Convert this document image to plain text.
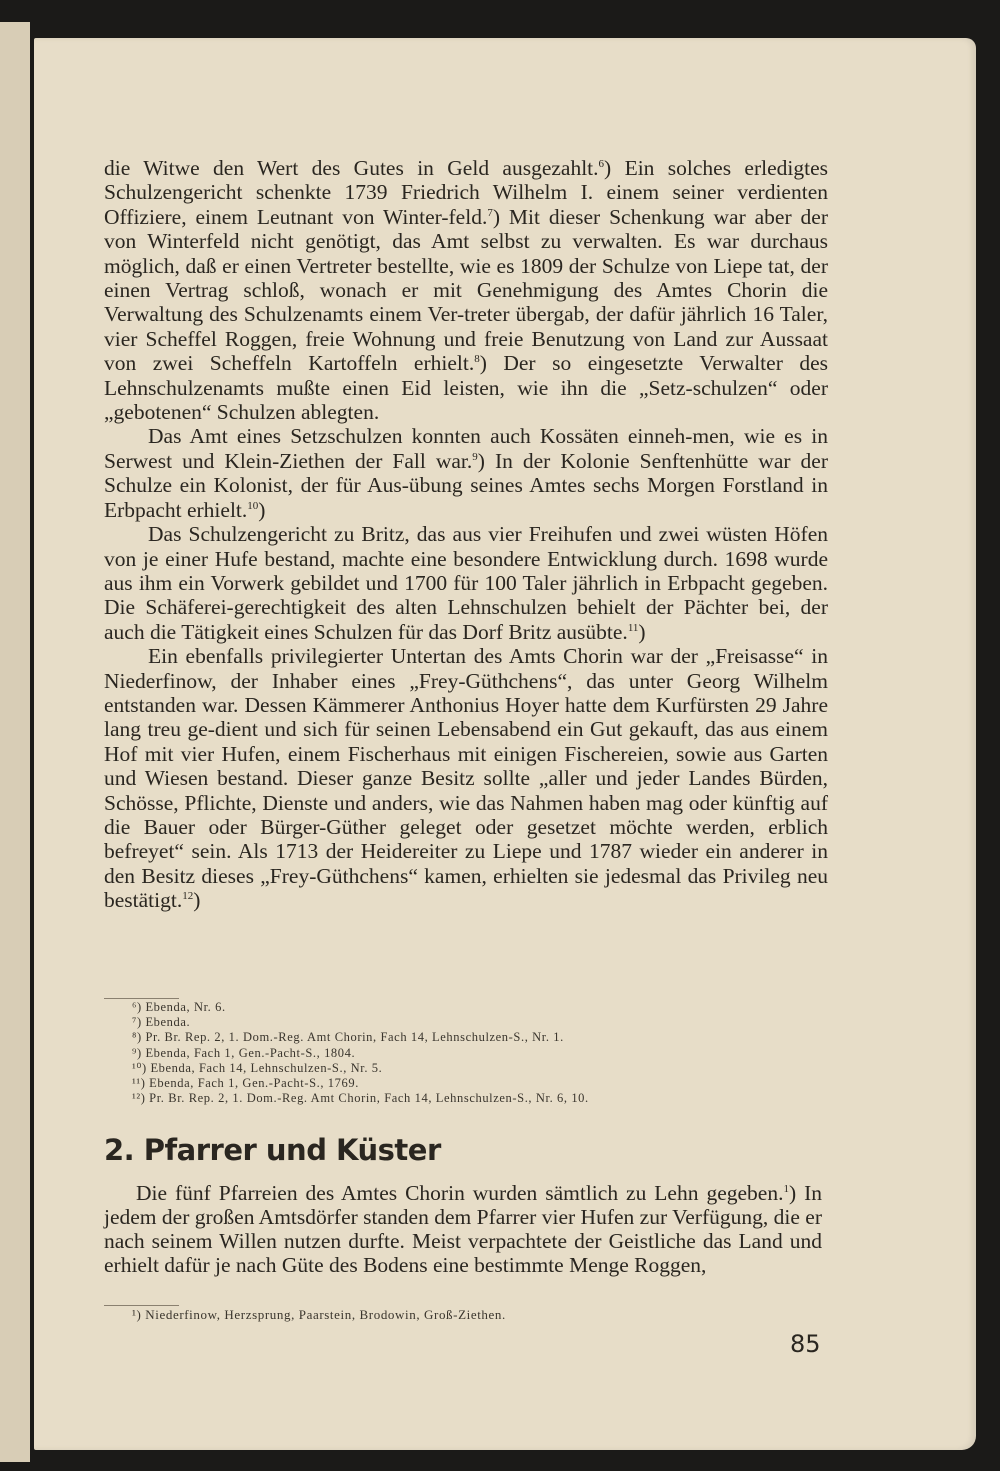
die Witwe den Wert des Gutes in Geld ausgezahlt.$^6$) Ein solches erledigtes Schulzengericht schenkte 1739 Friedrich Wilhelm I. einem seiner verdienten Offiziere, einem Leutnant von Winter-feld.$^7$) Mit dieser Schenkung war aber der von Winterfeld nicht genötigt, das Amt selbst zu verwalten. Es war durchaus möglich, daß er einen Vertreter bestellte, wie es 1809 der Schulze von Liepe tat, der einen Vertrag schloß, wonach er mit Genehmigung des Amtes Chorin die Verwaltung des Schulzenamts einem Ver-treter übergab, der dafür jährlich 16 Taler, vier Scheffel Roggen, freie Wohnung und freie Benutzung von Land zur Aussaat von zwei Scheffeln Kartoffeln erhielt.$^8$) Der so eingesetzte Verwalter des Lehnschulzenamts mußte einen Eid leisten, wie ihn die „Setz-schulzen“ oder „gebotenen“ Schulzen ablegten.

Das Amt eines Setzschulzen konnten auch Kossäten einneh-men, wie es in Serwest und Klein-Ziethen der Fall war.$^9$) In der Kolonie Senftenhütte war der Schulze ein Kolonist, der für Aus-übung seines Amtes sechs Morgen Forstland in Erbpacht erhielt.$^{10}$)

Das Schulzengericht zu Britz, das aus vier Freihufen und zwei wüsten Höfen von je einer Hufe bestand, machte eine besondere Entwicklung durch. 1698 wurde aus ihm ein Vorwerk gebildet und 1700 für 100 Taler jährlich in Erbpacht gegeben. Die Schäferei-gerechtigkeit des alten Lehnschulzen behielt der Pächter bei, der auch die Tätigkeit eines Schulzen für das Dorf Britz ausübte.$^{11}$)

Ein ebenfalls privilegierter Untertan des Amts Chorin war der „Freisasse“ in Niederfinow, der Inhaber eines „Frey-Güthchens“, das unter Georg Wilhelm entstanden war. Dessen Kämmerer Anthonius Hoyer hatte dem Kurfürsten 29 Jahre lang treu ge-dient und sich für seinen Lebensabend ein Gut gekauft, das aus einem Hof mit vier Hufen, einem Fischerhaus mit einigen Fischereien, sowie aus Garten und Wiesen bestand. Dieser ganze Besitz sollte „aller und jeder Landes Bürden, Schösse, Pflichte, Dienste und anders, wie das Nahmen haben mag oder künftig auf die Bauer oder Bürger-Güther geleget oder gesetzet möchte werden, erblich befreyet“ sein. Als 1713 der Heidereiter zu Liepe und 1787 wieder ein anderer in den Besitz dieses „Frey-Güthchens“ kamen, erhielten sie jedesmal das Privileg neu bestätigt.$^{12}$)

⁶) Ebenda, Nr. 6.
⁷) Ebenda.
⁸) Pr. Br. Rep. 2, 1. Dom.-Reg. Amt Chorin, Fach 14, Lehnschulzen-S., Nr. 1.
⁹) Ebenda, Fach 1, Gen.-Pacht-S., 1804.
¹⁰) Ebenda, Fach 14, Lehnschulzen-S., Nr. 5.
¹¹) Ebenda, Fach 1, Gen.-Pacht-S., 1769.
¹²) Pr. Br. Rep. 2, 1. Dom.-Reg. Amt Chorin, Fach 14, Lehnschulzen-S., Nr. 6, 10.
2. Pfarrer und Küster

Die fünf Pfarreien des Amtes Chorin wurden sämtlich zu Lehn gegeben.$^1$) In jedem der großen Amtsdörfer standen dem Pfarrer vier Hufen zur Verfügung, die er nach seinem Willen nutzen durfte. Meist verpachtete der Geistliche das Land und erhielt dafür je nach Güte des Bodens eine bestimmte Menge Roggen,

¹) Niederfinow, Herzsprung, Paarstein, Brodowin, Groß-Ziethen.
85
